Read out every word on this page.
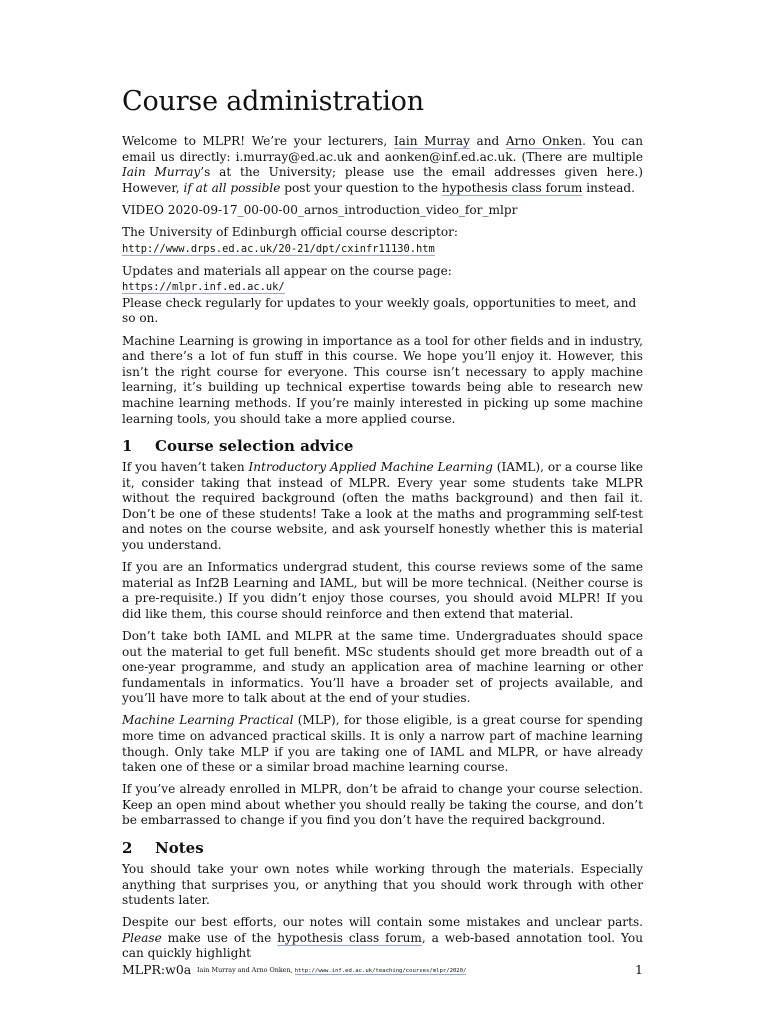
Course administration

Welcome to MLPR! We’re your lecturers, Iain Murray and Arno Onken. You can email us directly: i.murray@ed.ac.uk and aonken@inf.ed.ac.uk. (There are multiple Iain Murray’s at the University; please use the email addresses given here.) However, if at all possible post your question to the hypothesis class forum instead.

VIDEO 2020-09-17_00-00-00_arnos_introduction_video_for_mlpr

The University of Edinburgh official course descriptor:
http://www.drps.ed.ac.uk/20-21/dpt/cxinfr11130.htm

Updates and materials all appear on the course page:
https://mlpr.inf.ed.ac.uk/
Please check regularly for updates to your weekly goals, opportunities to meet, and so on.

Machine Learning is growing in importance as a tool for other fields and in industry, and there’s a lot of fun stuff in this course. We hope you’ll enjoy it. However, this isn’t the right course for everyone. This course isn’t necessary to apply machine learning, it’s building up technical expertise towards being able to research new machine learning methods. If you’re mainly interested in picking up some machine learning tools, you should take a more applied course.

1 Course selection advice

If you haven’t taken Introductory Applied Machine Learning (IAML), or a course like it, consider taking that instead of MLPR. Every year some students take MLPR without the required background (often the maths background) and then fail it. Don’t be one of these students! Take a look at the maths and programming self-test and notes on the course website, and ask yourself honestly whether this is material you understand.

If you are an Informatics undergrad student, this course reviews some of the same material as Inf2B Learning and IAML, but will be more technical. (Neither course is a pre-requisite.) If you didn’t enjoy those courses, you should avoid MLPR! If you did like them, this course should reinforce and then extend that material.

Don’t take both IAML and MLPR at the same time. Undergraduates should space out the material to get full benefit. MSc students should get more breadth out of a one-year programme, and study an application area of machine learning or other fundamentals in informatics. You’ll have a broader set of projects available, and you’ll have more to talk about at the end of your studies.

Machine Learning Practical (MLP), for those eligible, is a great course for spending more time on advanced practical skills. It is only a narrow part of machine learning though. Only take MLP if you are taking one of IAML and MLPR, or have already taken one of these or a similar broad machine learning course.

If you’ve already enrolled in MLPR, don’t be afraid to change your course selection. Keep an open mind about whether you should really be taking the course, and don’t be embarrassed to change if you find you don’t have the required background.

2 Notes

You should take your own notes while working through the materials. Especially anything that surprises you, or anything that you should work through with other students later.

Despite our best efforts, our notes will contain some mistakes and unclear parts. Please make use of the hypothesis class forum, a web-based annotation tool. You can quickly highlight

MLPR:w0a Iain Murray and Arno Onken, http://www.inf.ed.ac.uk/teaching/courses/mlpr/2020/	1
